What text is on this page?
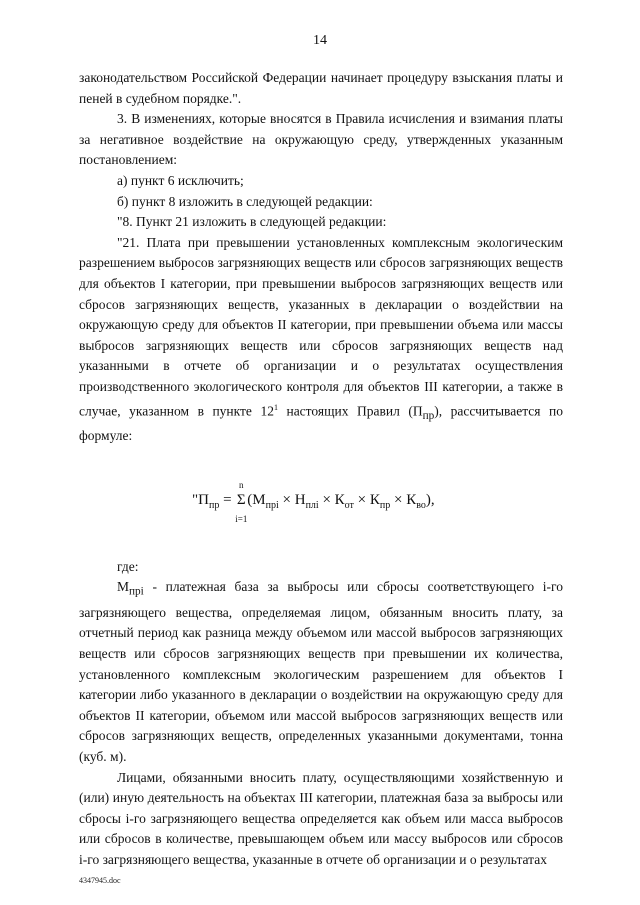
14

законодательством Российской Федерации начинает процедуру взыскания платы и пеней в судебном порядке.".

3. В изменениях, которые вносятся в Правила исчисления и взимания платы за негативное воздействие на окружающую среду, утвержденных указанным постановлением:

а) пункт 6 исключить;

б) пункт 8 изложить в следующей редакции:

"8. Пункт 21 изложить в следующей редакции:

"21. Плата при превышении установленных комплексным экологическим разрешением выбросов загрязняющих веществ или сбросов загрязняющих веществ для объектов I категории, при превышении выбросов загрязняющих веществ или сбросов загрязняющих веществ, указанных в декларации о воздействии на окружающую среду для объектов II категории, при превышении объема или массы выбросов загрязняющих веществ или сбросов загрязняющих веществ над указанными в отчете об организации и о результатах осуществления производственного экологического контроля для объектов III категории, а также в случае, указанном в пункте $12^1$ настоящих Правил $(П_{пр})$, рассчитывается по формуле:

"$П_{пр}$ =
n
Σ
i=1
$(М_{прi} \times Н_{плi} \times К_{от} \times К_{пр} \times К_{во})$,

где:

$М_{прi}$ - платежная база за выбросы или сбросы соответствующего i-го загрязняющего вещества, определяемая лицом, обязанным вносить плату, за отчетный период как разница между объемом или массой выбросов загрязняющих веществ или сбросов загрязняющих веществ при превышении их количества, установленного комплексным экологическим разрешением для объектов I категории либо указанного в декларации о воздействии на окружающую среду для объектов II категории, объемом или массой выбросов загрязняющих веществ или сбросов загрязняющих веществ, определенных указанными документами, тонна (куб. м).

Лицами, обязанными вносить плату, осуществляющими хозяйственную и (или) иную деятельность на объектах III категории, платежная база за выбросы или сбросы i-го загрязняющего вещества определяется как объем или масса выбросов или сбросов в количестве, превышающем объем или массу выбросов или сбросов i-го загрязняющего вещества, указанные в отчете об организации и о результатах

4347945.doc
